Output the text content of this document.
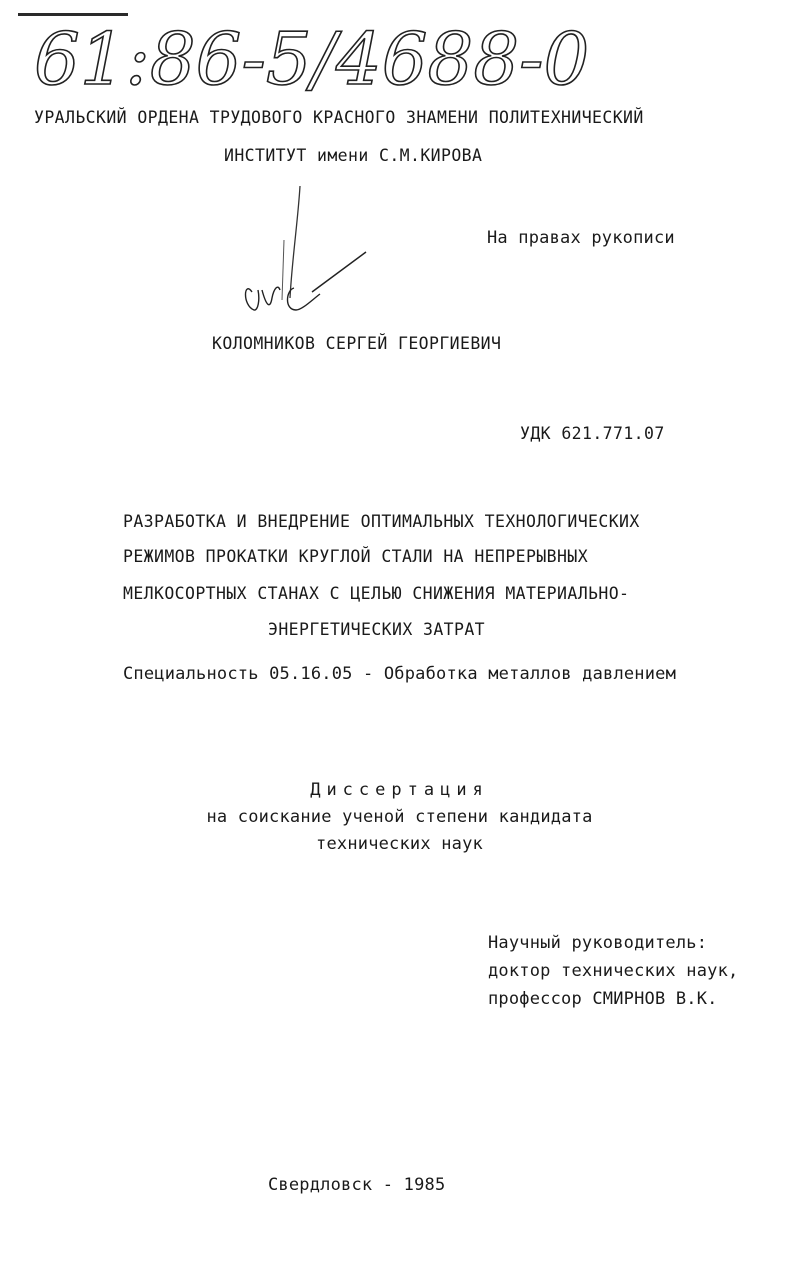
61:86-5/4688-0
УРАЛЬСКИЙ ОРДЕНА ТРУДОВОГО КРАСНОГО ЗНАМЕНИ ПОЛИТЕХНИЧЕСКИЙ
ИНСТИТУТ имени С.М.КИРОВА
На правах рукописи
КОЛОМНИКОВ СЕРГЕЙ ГЕОРГИЕВИЧ
УДК 621.771.07
РАЗРАБОТКА И ВНЕДРЕНИЕ ОПТИМАЛЬНЫХ ТЕХНОЛОГИЧЕСКИХ
РЕЖИМОВ ПРОКАТКИ КРУГЛОЙ СТАЛИ НА НЕПРЕРЫВНЫХ
МЕЛКОСОРТНЫХ СТАНАХ С ЦЕЛЬЮ СНИЖЕНИЯ МАТЕРИАЛЬНО-
ЭНЕРГЕТИЧЕСКИХ ЗАТРАТ
Специальность 05.16.05 - Обработка металлов давлением
Диссертация
на соискание ученой степени кандидата
технических наук
Научный руководитель:
доктор технических наук,
профессор СМИРНОВ В.К.
Свердловск - 1985
